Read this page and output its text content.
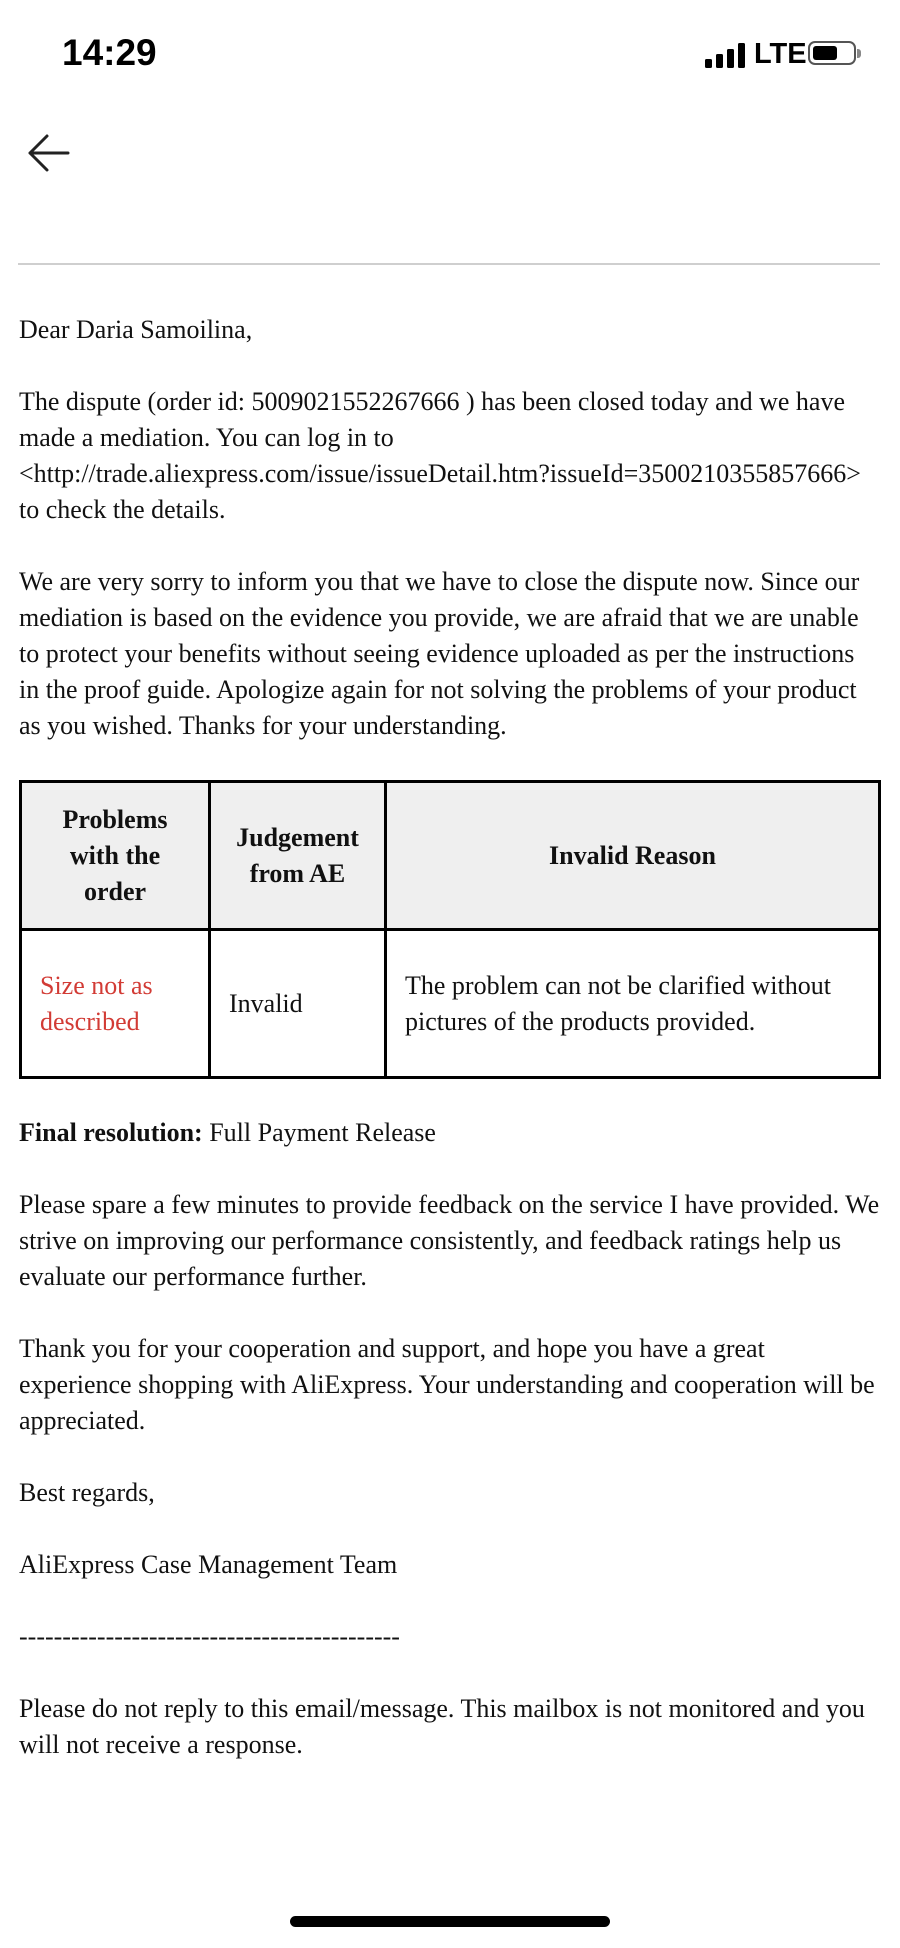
14:29	LTE

Dear Daria Samoilina,

The dispute (order id: 5009021552267666 ) has been closed today and we have made a mediation. You can log in to <http://trade.aliexpress.com/issue/issueDetail.htm?issueId=3500210355857666> to check the details.

We are very sorry to inform you that we have to close the dispute now. Since our mediation is based on the evidence you provide, we are afraid that we are unable to protect your benefits without seeing evidence uploaded as per the instructions in the proof guide. Apologize again for not solving the problems of your product as you wished. Thanks for your understanding.

Problems with the order	Judgement from AE	Invalid Reason
Size not as described	Invalid	The problem can not be clarified without pictures of the products provided.

Final resolution: Full Payment Release

Please spare a few minutes to provide feedback on the service I have provided. We strive on improving our performance consistently, and feedback ratings help us evaluate our performance further.

Thank you for your cooperation and support, and hope you have a great experience shopping with AliExpress. Your understanding and cooperation will be appreciated.

Best regards,

AliExpress Case Management Team

--------------------------------------------

Please do not reply to this email/message. This mailbox is not monitored and you will not receive a response.
